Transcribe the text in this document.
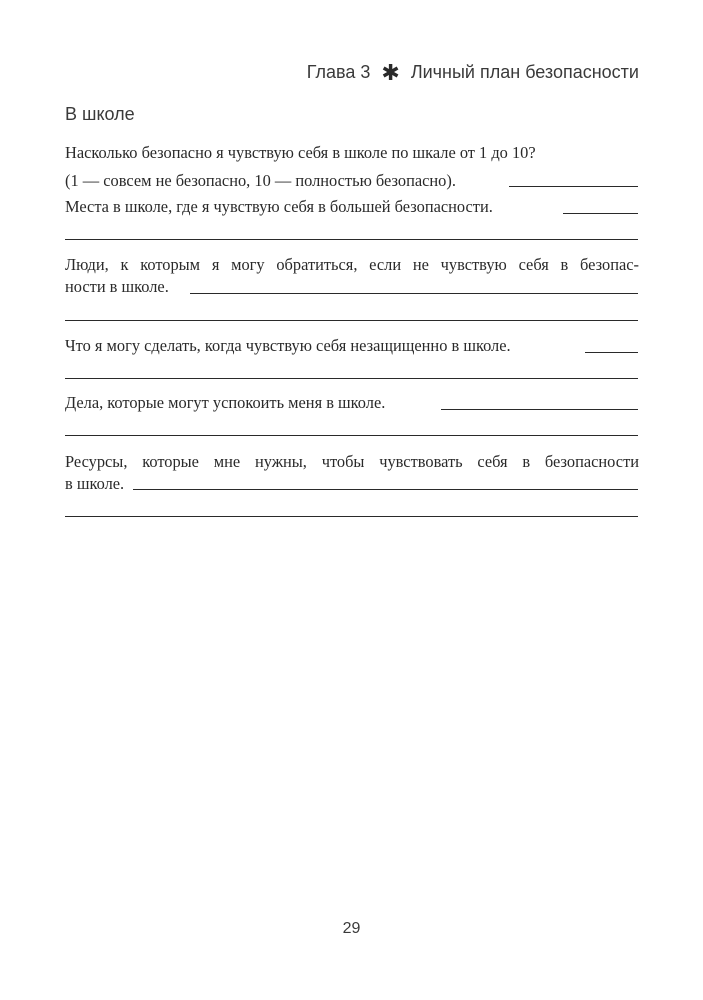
Глава 3 ✱ Личный план безопасности
В школе
Насколько безопасно я чувствую себя в школе по шкале от 1 до 10?
(1 — совсем не безопасно, 10 — полностью безопасно).
Места в школе, где я чувствую себя в большей безопасности.
Люди, к которым я могу обратиться, если не чувствую себя в безопас-
ности в школе.
Что я могу сделать, когда чувствую себя незащищенно в школе.
Дела, которые могут успокоить меня в школе.
Ресурсы, которые мне нужны, чтобы чувствовать себя в безопасности
в школе.
29
